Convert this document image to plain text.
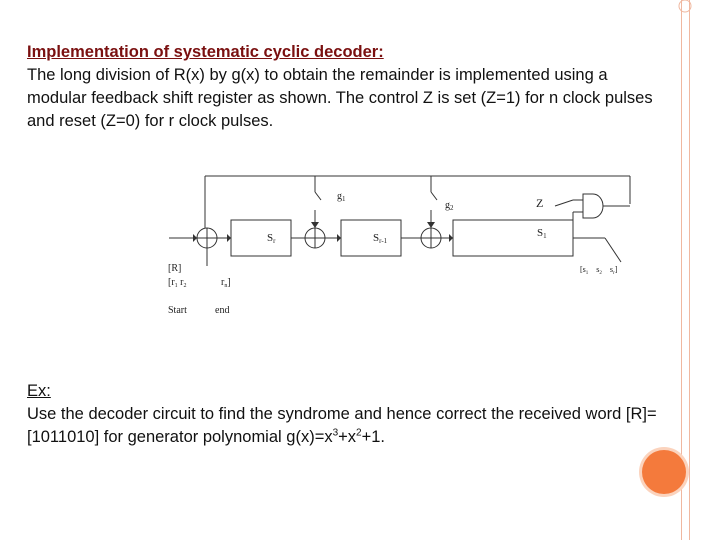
Implementation of systematic cyclic decoder:
The long division of R(x) by g(x) to obtain the remainder is implemented using a modular feedback shift register as shown. The control Z is set (Z=1) for n clock pulses and reset (Z=0) for r clock pulses.
Sr	Sr-1
S1
$g_1$
$g_2$	Z
[R]
[$r_1$ $r_2$	$r_n$]
Start	end
[$s_1$ $s_2$ $s_r$]
Ex:
Use the decoder circuit to find the syndrome and hence correct the received word [R]=[1011010] for generator polynomial $g(x)=x^3+x^2+1$.
